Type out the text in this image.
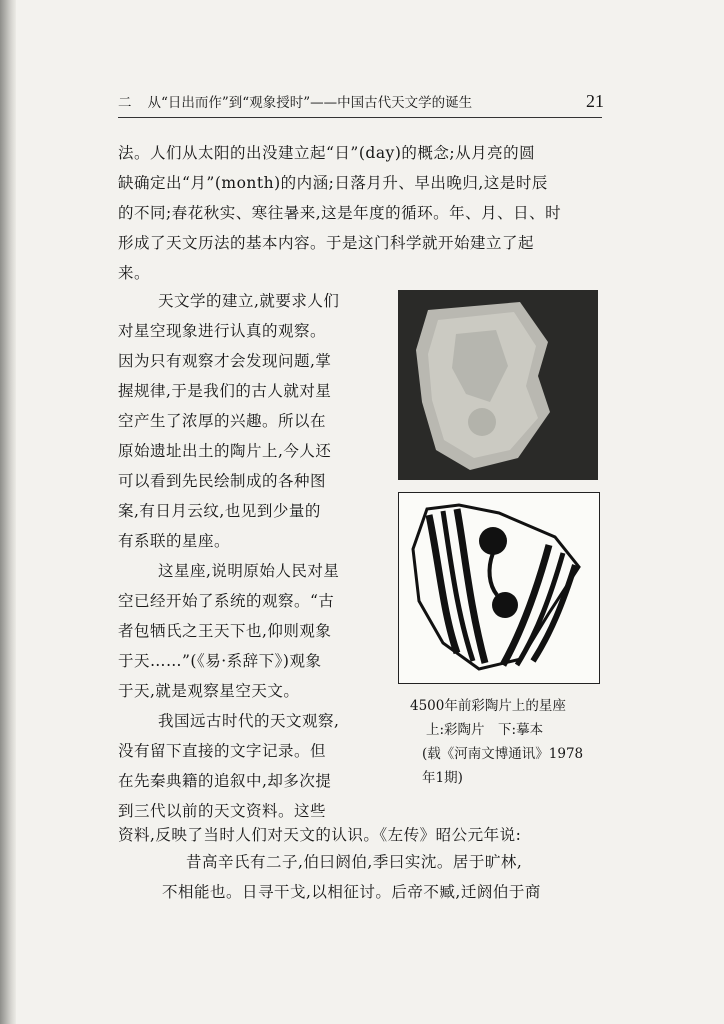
二 从“日出而作”到“观象授时”——中国古代天文学的诞生	21
法。人们从太阳的出没建立起“日”(day)的概念;从月亮的圆
缺确定出“月”(month)的内涵;日落月升、早出晚归,这是时辰
的不同;春花秋实、寒往暑来,这是年度的循环。年、月、日、时
形成了天文历法的基本内容。于是这门科学就开始建立了起
来。
天文学的建立,就要求人们
对星空现象进行认真的观察。
因为只有观察才会发现问题,掌
握规律,于是我们的古人就对星
空产生了浓厚的兴趣。所以在
原始遗址出土的陶片上,今人还
可以看到先民绘制成的各种图
案,有日月云纹,也见到少量的
有系联的星座。
这星座,说明原始人民对星
空已经开始了系统的观察。“古
者包牺氏之王天下也,仰则观象
于天……”(《易·系辞下》)观象
于天,就是观察星空天文。
我国远古时代的天文观察,
没有留下直接的文字记录。但
在先秦典籍的追叙中,却多次提
到三代以前的天文资料。这些
资料,反映了当时人们对天文的认识。《左传》昭公元年说:
昔高辛氏有二子,伯曰阏伯,季曰实沈。居于旷林,
不相能也。日寻干戈,以相征讨。后帝不臧,迁阏伯于商
4500年前彩陶片上的星座
上:彩陶片　下:摹本
(载《河南文博通讯》1978
年1期)
